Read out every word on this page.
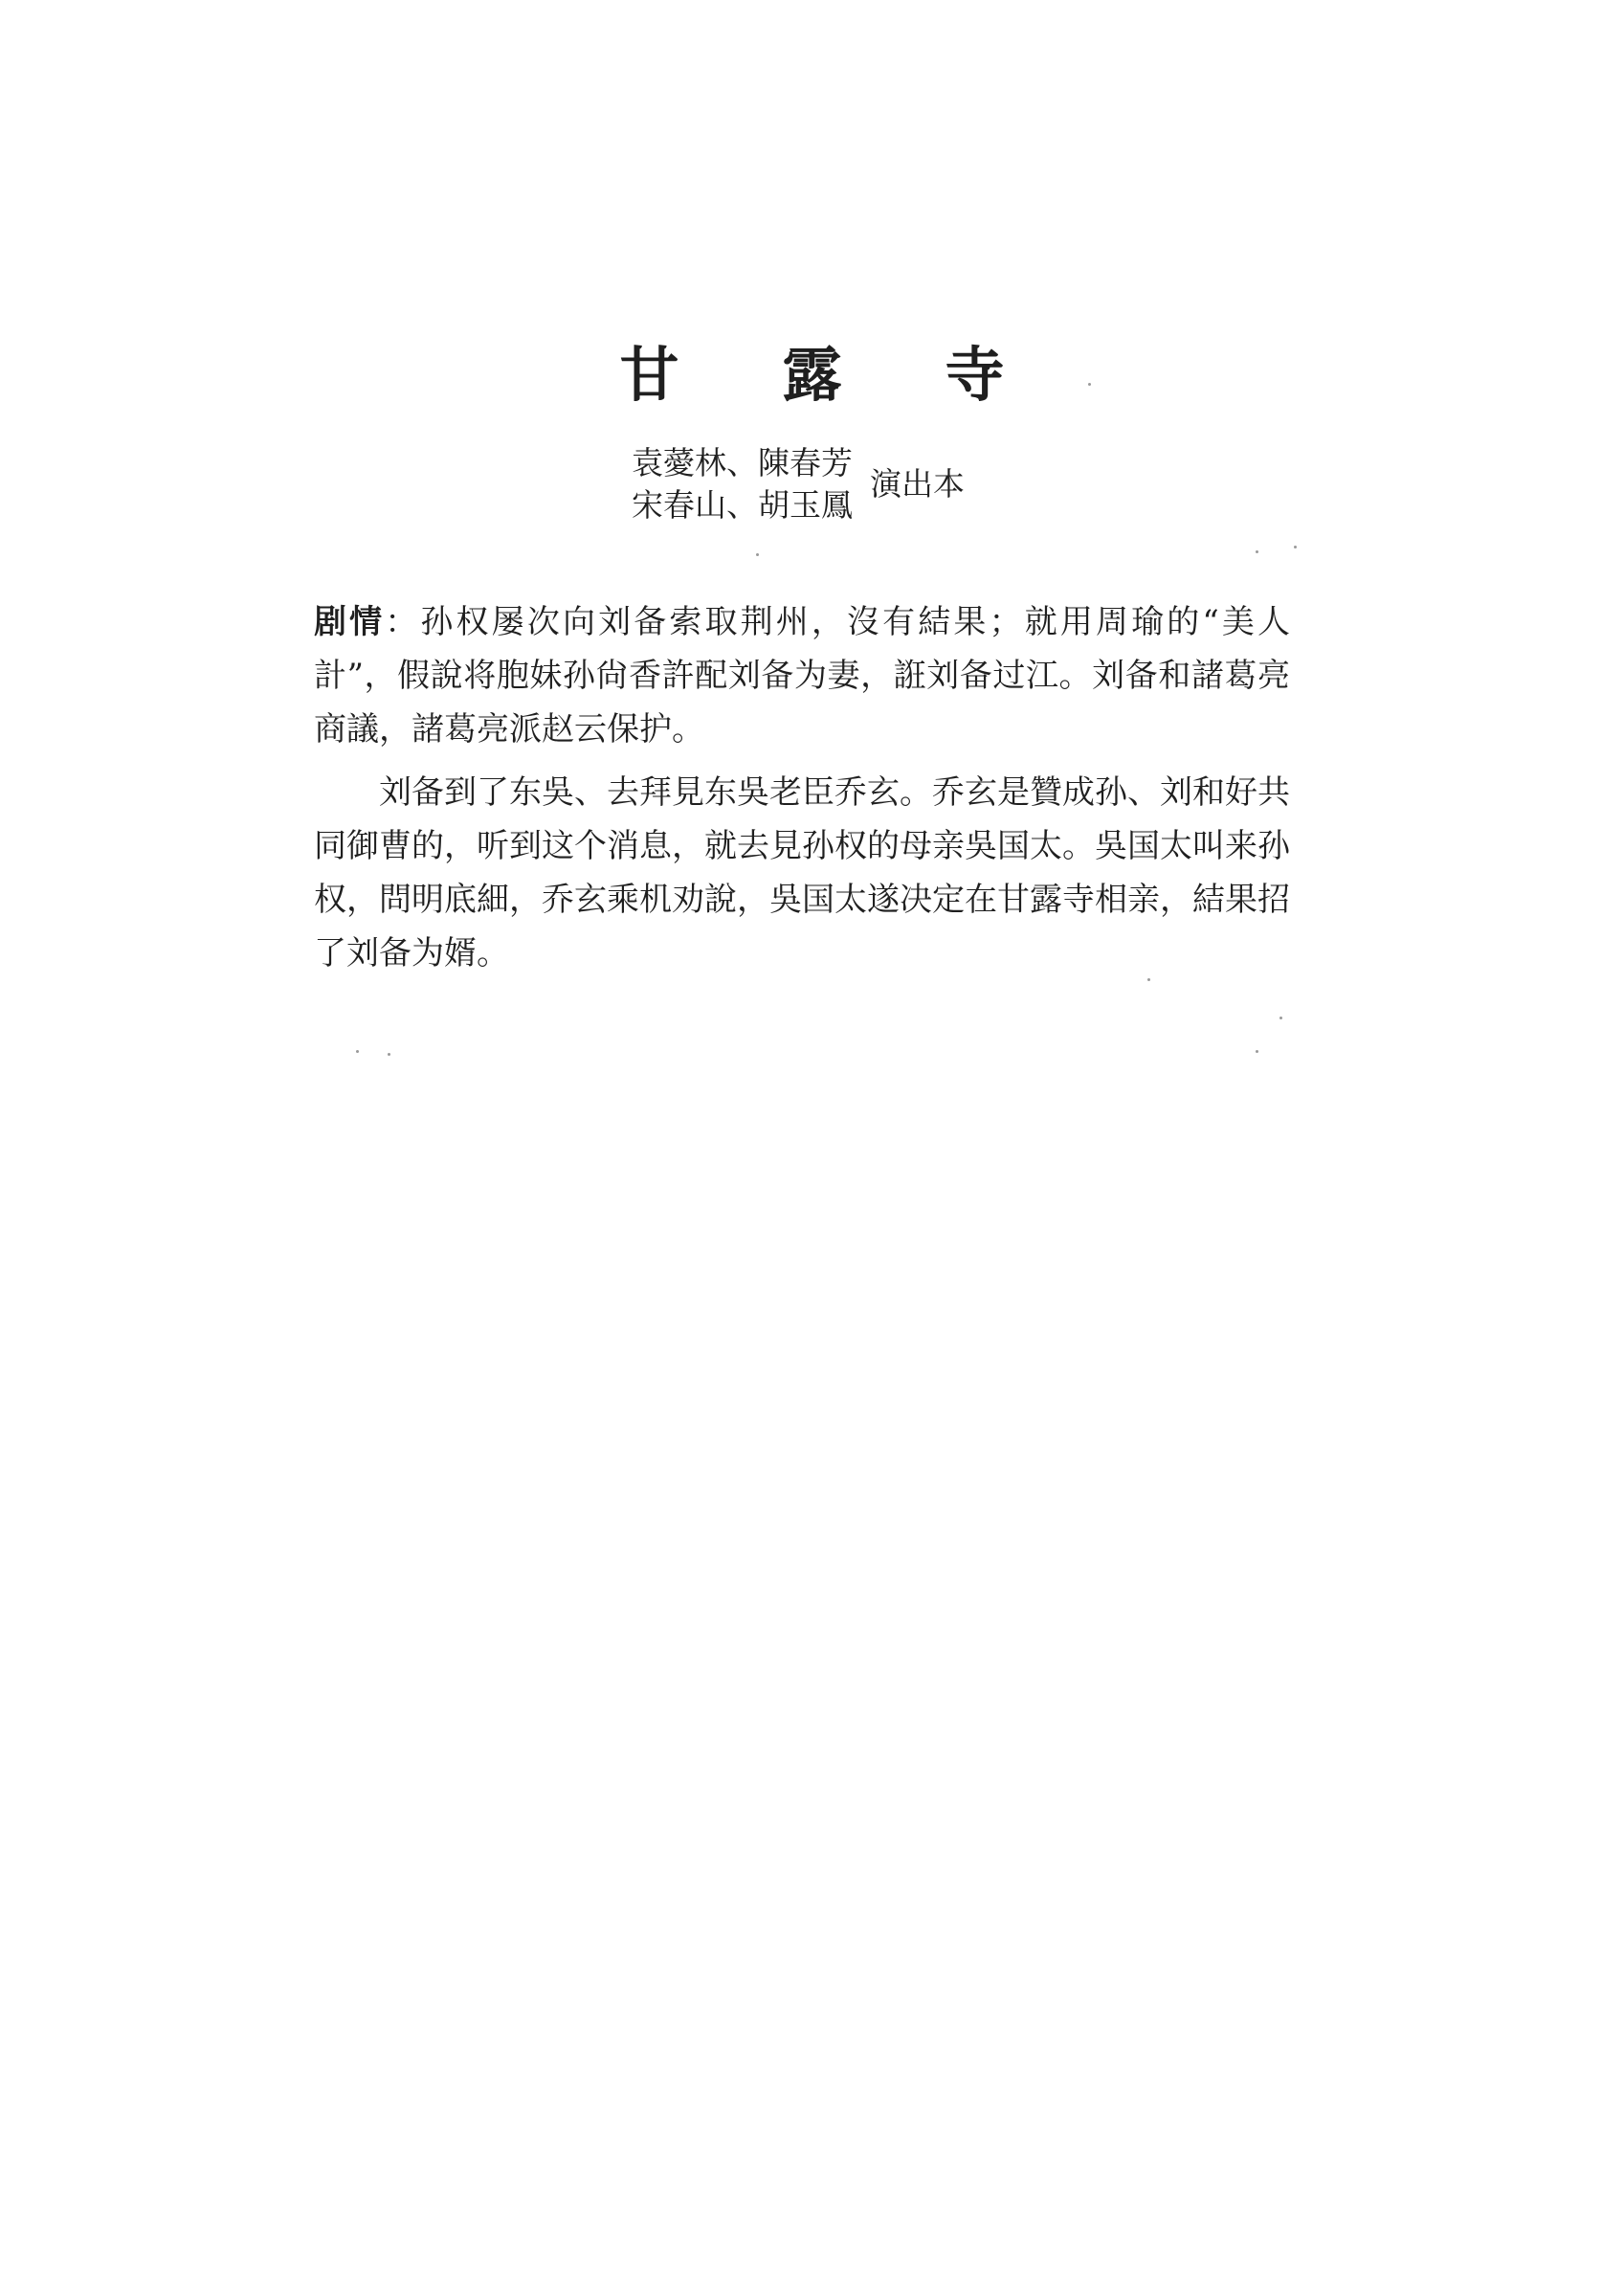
甘 露 寺
袁薆林、陳春芳
宋春山、胡玉鳳
演出本

剧情：孙权屡次向刘备索取荆州，沒有結果；就用周瑜的“美人計”，假說将胞妹孙尙香許配刘备为妻，誑刘备过江。刘备和諸葛亮商議，諸葛亮派赵云保护。

刘备到了东吳、去拜見东吳老臣乔玄。乔玄是贊成孙、刘和好共同御曹的，听到这个消息，就去見孙权的母亲吳国太。吳国太叫来孙权，問明底細，乔玄乘机劝說，吳国太遂决定在甘露寺相亲，結果招了刘备为婿。
